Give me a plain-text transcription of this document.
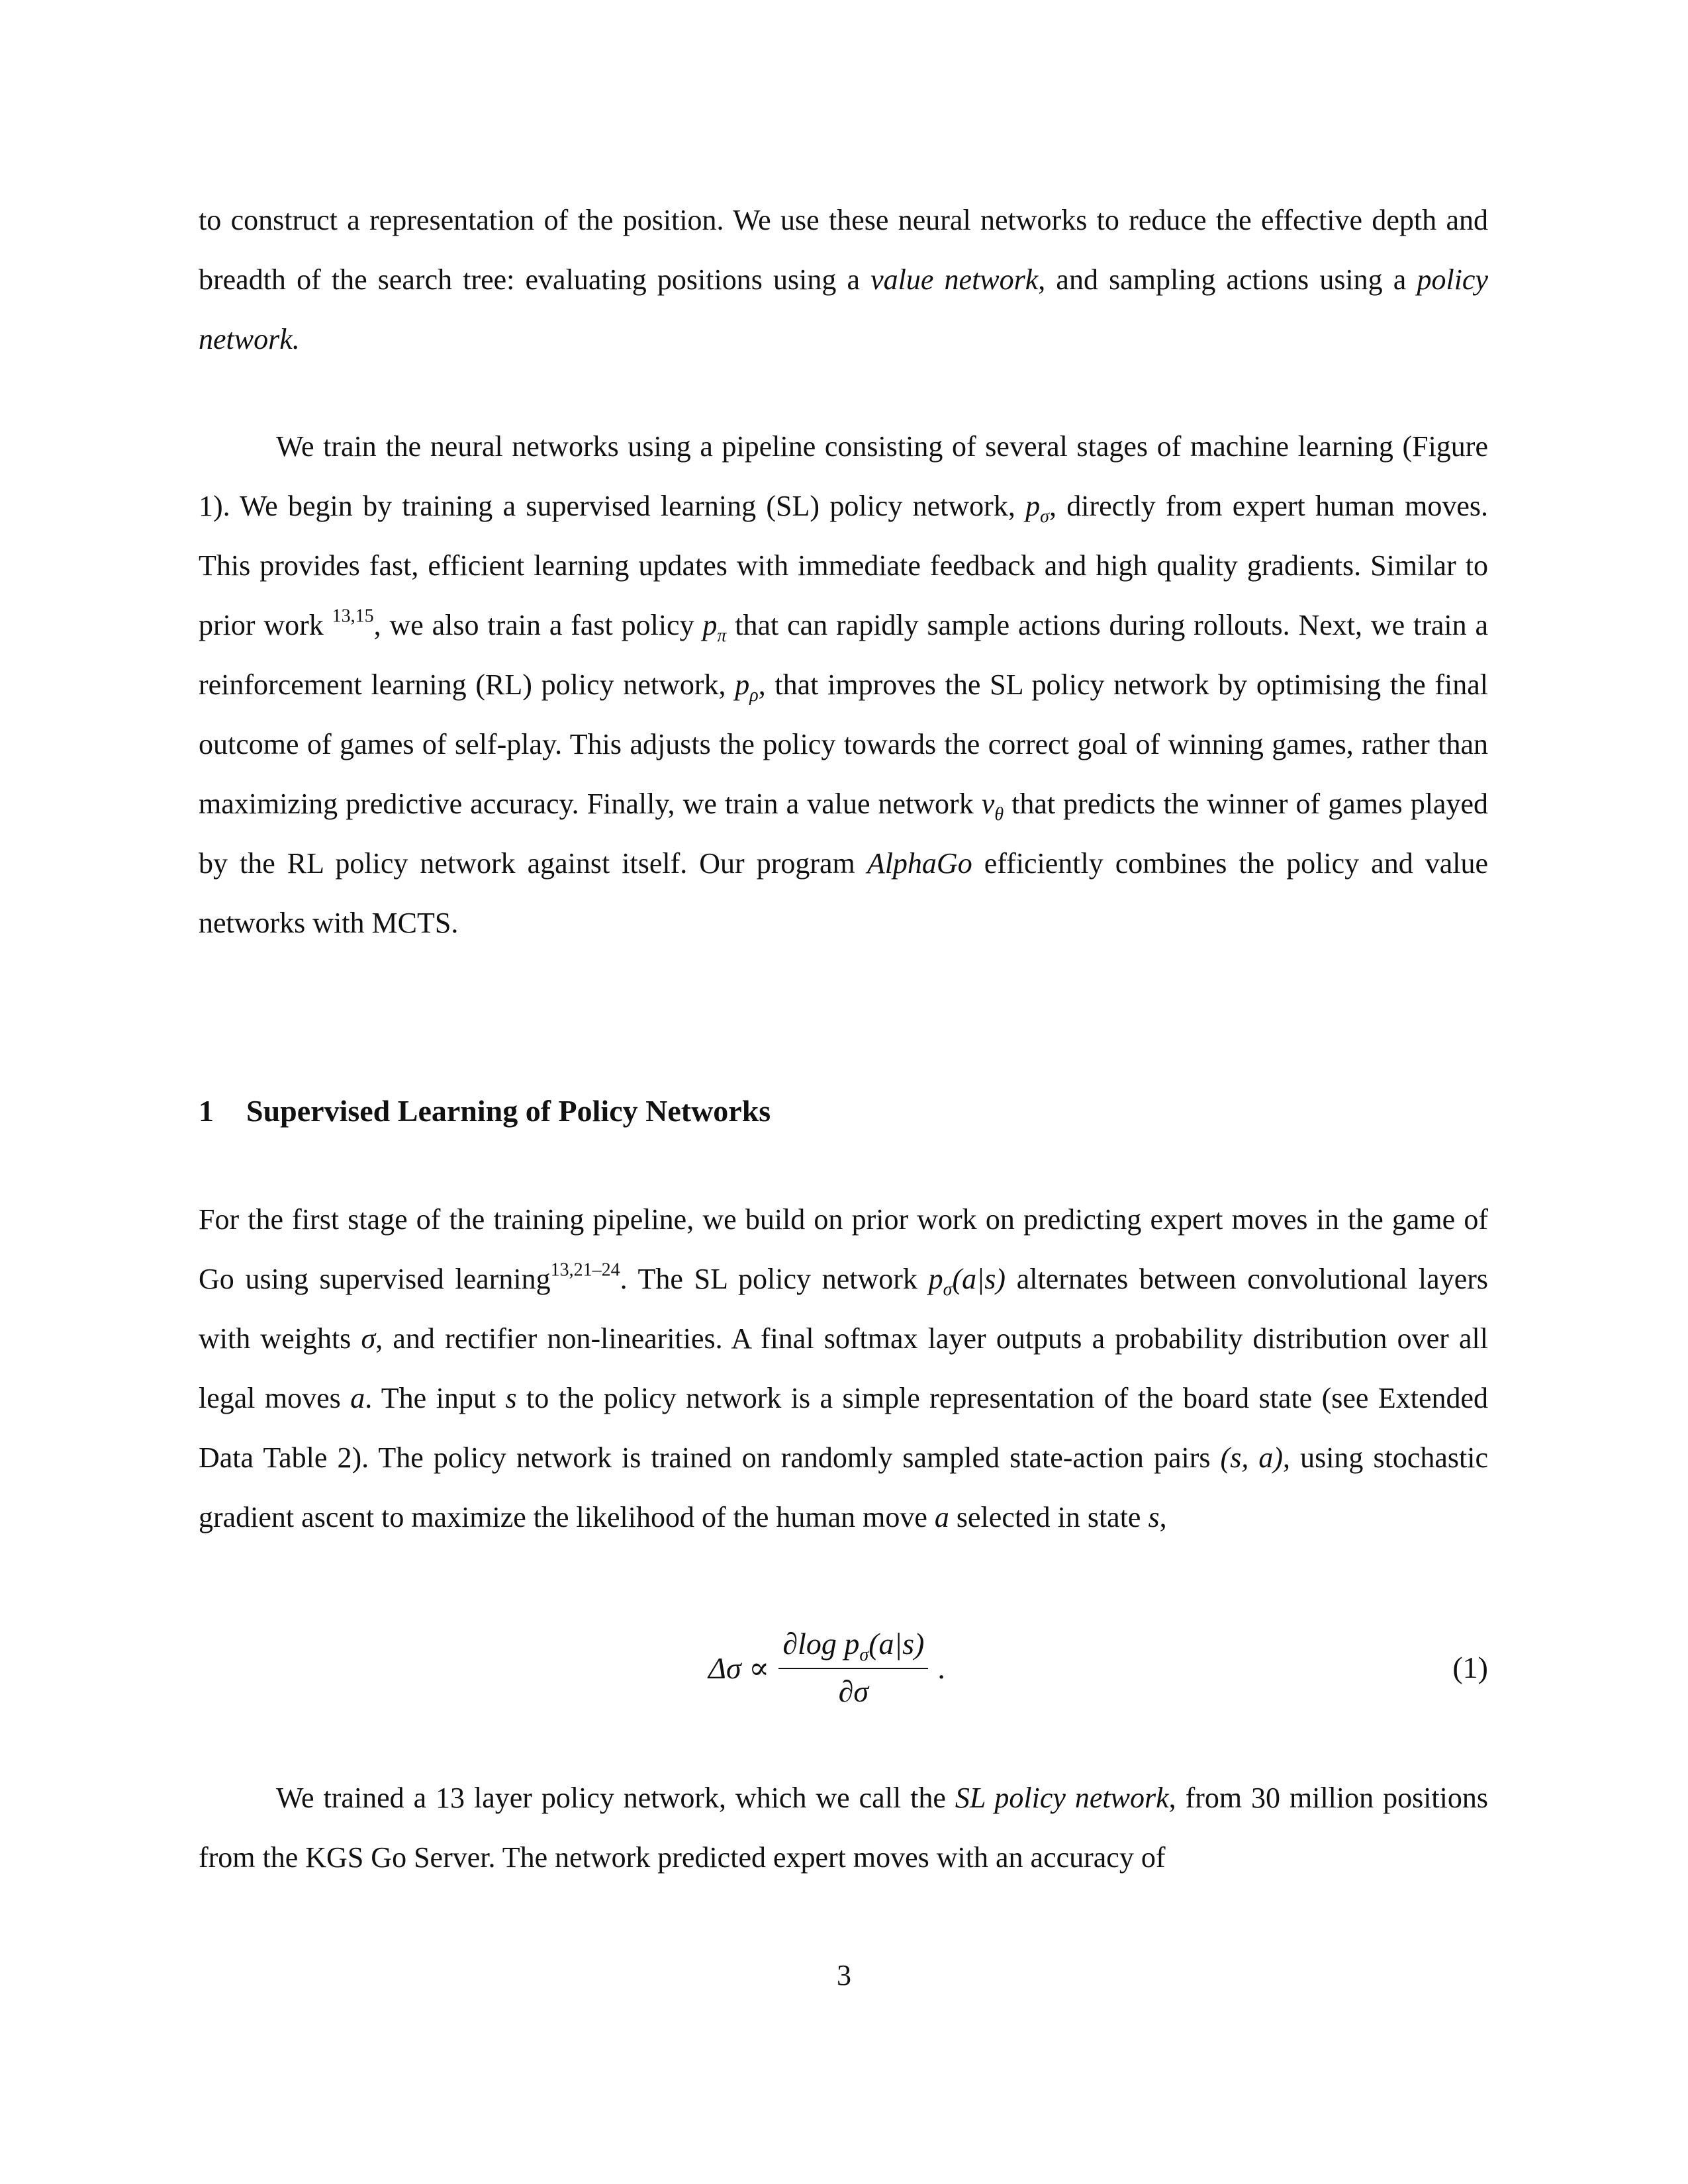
to construct a representation of the position. We use these neural networks to reduce the effective depth and breadth of the search tree: evaluating positions using a value network, and sampling actions using a policy network.

We train the neural networks using a pipeline consisting of several stages of machine learning (Figure 1). We begin by training a supervised learning (SL) policy network, $p_\sigma$, directly from expert human moves. This provides fast, efficient learning updates with immediate feedback and high quality gradients. Similar to prior work $^{13,15}$, we also train a fast policy $p_\pi$ that can rapidly sample actions during rollouts. Next, we train a reinforcement learning (RL) policy network, $p_\rho$, that improves the SL policy network by optimising the final outcome of games of self-play. This adjusts the policy towards the correct goal of winning games, rather than maximizing predictive accuracy. Finally, we train a value network $v_\theta$ that predicts the winner of games played by the RL policy network against itself. Our program AlphaGo efficiently combines the policy and value networks with MCTS.

1 Supervised Learning of Policy Networks

For the first stage of the training pipeline, we build on prior work on predicting expert moves in the game of Go using supervised learning$^{13,21-24}$. The SL policy network $p_\sigma(a|s)$ alternates between convolutional layers with weights σ, and rectifier non-linearities. A final softmax layer outputs a probability distribution over all legal moves a. The input s to the policy network is a simple representation of the board state (see Extended Data Table 2). The policy network is trained on randomly sampled state-action pairs (s, a), using stochastic gradient ascent to maximize the likelihood of the human move a selected in state s,

$\Delta\sigma \propto \frac{\partial\log p_\sigma(a|s)}{\partial\sigma}$ .	(1)

We trained a 13 layer policy network, which we call the SL policy network, from 30 million positions from the KGS Go Server. The network predicted expert moves with an accuracy of

3
